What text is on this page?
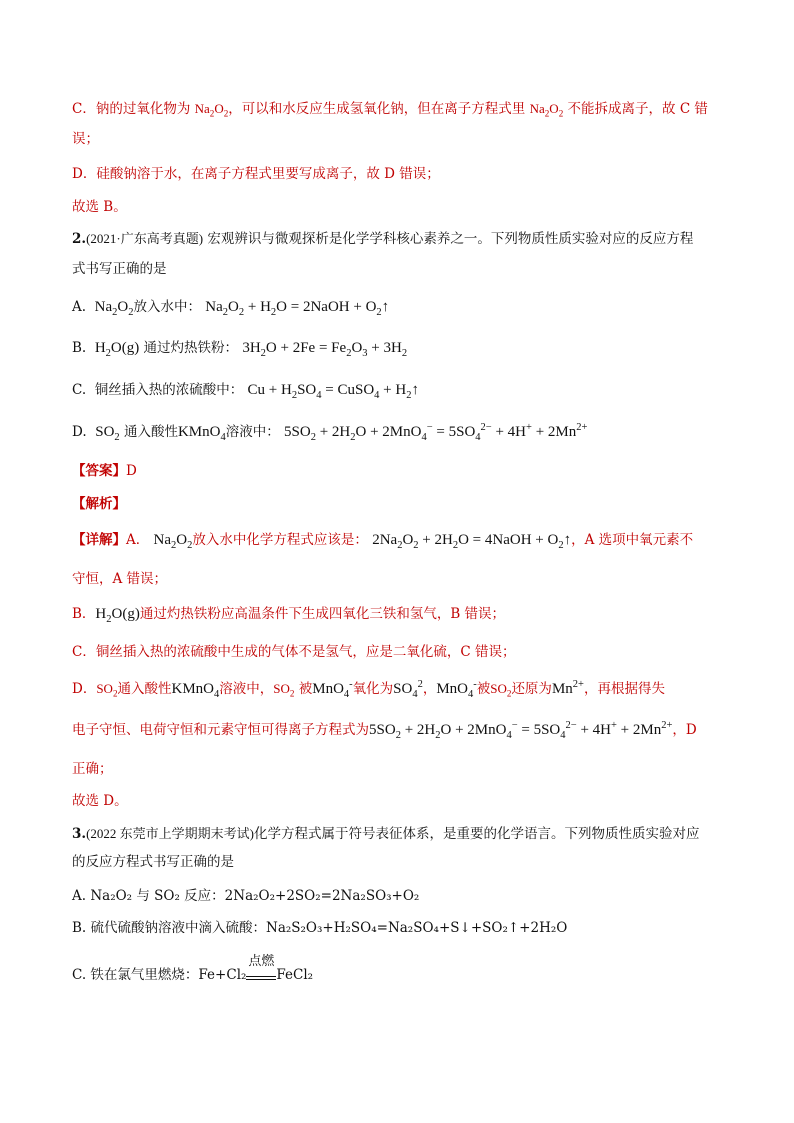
C．钠的过氧化物为 $Na_2O_2$，可以和水反应生成氢氧化钠，但在离子方程式里 $Na_2O_2$ 不能拆成离子，故 C 错
误；
D．硅酸钠溶于水，在离子方程式里要写成离子，故 D 错误；
故选 B。
2.(2021·广东高考真题) 宏观辨识与微观探析是化学学科核心素养之一。下列物质性质实验对应的反应方程
式书写正确的是
A. $Na_2O_2$放入水中： $Na_2O_2 + H_2O$ = 2NaOH + $O_2↑$
B. $H_2O(g)$ 通过灼热铁粉： $3H_2O + 2Fe = Fe_2O_3 + 3H_2$
C. 铜丝插入热的浓硫酸中： $Cu + H_2SO_4$ = CuSO$_4$ + $H_2↑$
D. $SO_2$ 通入酸性KMnO$_4$溶液中： $5SO_2 + 2H_2O + 2MnO_4^- = 5SO_4^{2-} + 4H^+ + 2Mn^{2+}$
【答案】D
【解析】
【详解】A． $Na_2O_2$放入水中化学方程式应该是： $2Na_2O_2 + 2H_2O$ = 4NaOH + $O_2↑$，A 选项中氧元素不
守恒，A 错误；
B．$H_2O(g)$通过灼热铁粉应高温条件下生成四氧化三铁和氢气，B 错误；
C．铜丝插入热的浓硫酸中生成的气体不是氢气，应是二氧化硫，C 错误；
D．$SO_2$通入酸性KMnO$_4$溶液中，$SO_2$ 被MnO$_4$-氧化为$SO_4^2$，MnO$_4$-被$SO_2$还原为$Mn^{2+}$，再根据得失
电子守恒、电荷守恒和元素守恒可得离子方程式为$5SO_2 + 2H_2O + 2MnO_4^- = 5SO_4^{2-} + 4H^+ + 2Mn^{2+}$，D
正确；
故选 D。
3.(2022 东莞市上学期期末考试)化学方程式属于符号表征体系，是重要的化学语言。下列物质性质实验对应
的反应方程式书写正确的是
A. Na₂O₂ 与 SO₂ 反应：2Na₂O₂+2SO₂=2Na₂SO₃+O₂
B. 硫代硫酸钠溶液中滴入硫酸：Na₂S₂O₃+H₂SO₄=Na₂SO₄+S↓+SO₂↑+2H₂O
C. 铁在氯气里燃烧：Fe+Cl₂
点燃
FeCl₂
